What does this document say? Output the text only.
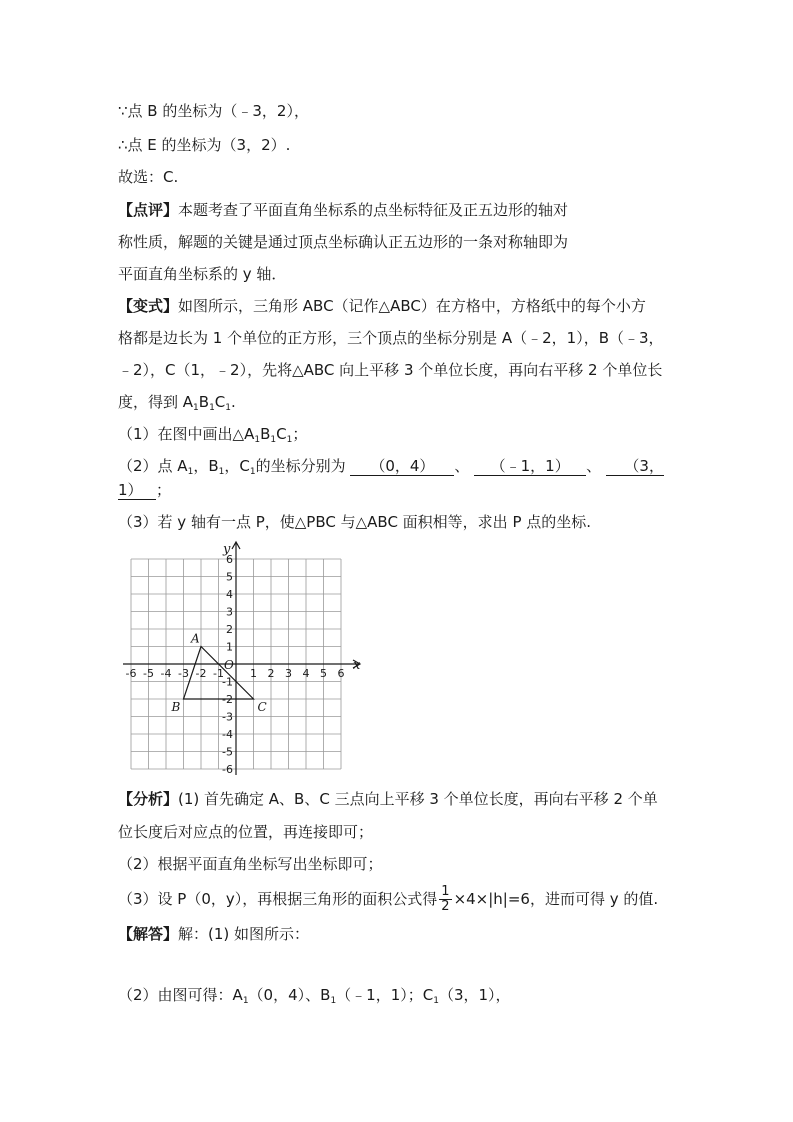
∵点 B 的坐标为（﹣3，2），
∴点 E 的坐标为（3，2）.
故选：C.
【点评】本题考查了平面直角坐标系的点坐标特征及正五边形的轴对
称性质，解题的关键是通过顶点坐标确认正五边形的一条对称轴即为
平面直角坐标系的 y 轴．
【变式】如图所示，三角形 ABC（记作△ABC）在方格中，方格纸中的每个小方
格都是边长为 1 个单位的正方形，三个顶点的坐标分别是 A（﹣2，1），B（﹣3，
﹣2），C（1，﹣2），先将△ABC 向上平移 3 个单位长度，再向右平移 2 个单位长
度，得到 $A_1B_1C_1$.
（1）在图中画出$\triangle A_1B_1C_1$；
（2）点 $A_1$，$B_1$，$C_1$的坐标分别为 （0，4） 、 （﹣1，1） 、 （3，
1） ；
（3）若 y 轴有一点 P，使△PBC 与△ABC 面积相等，求出 P 点的坐标.
-6 -5 -4 -3 -2 -1 1 2 3 4 5 6
6
5
4
3
2
1
-1
-2
-3
-4
-5
-6
A
B	C
x
y
O
【分析】(1) 首先确定 A、B、C 三点向上平移 3 个单位长度，再向右平移 2 个单
位长度后对应点的位置，再连接即可；
（2）根据平面直角坐标写出坐标即可；
（3）设 P（0，y），再根据三角形的面积公式得 $\frac{1}{2} \times 4\times|h|=6$，进而可得 y 的值.
【解答】解：(1) 如图所示：
（2）由图可得：$A_1(0$，4）、$B_1(﹣1$，1）；$C_1(3$，1），
